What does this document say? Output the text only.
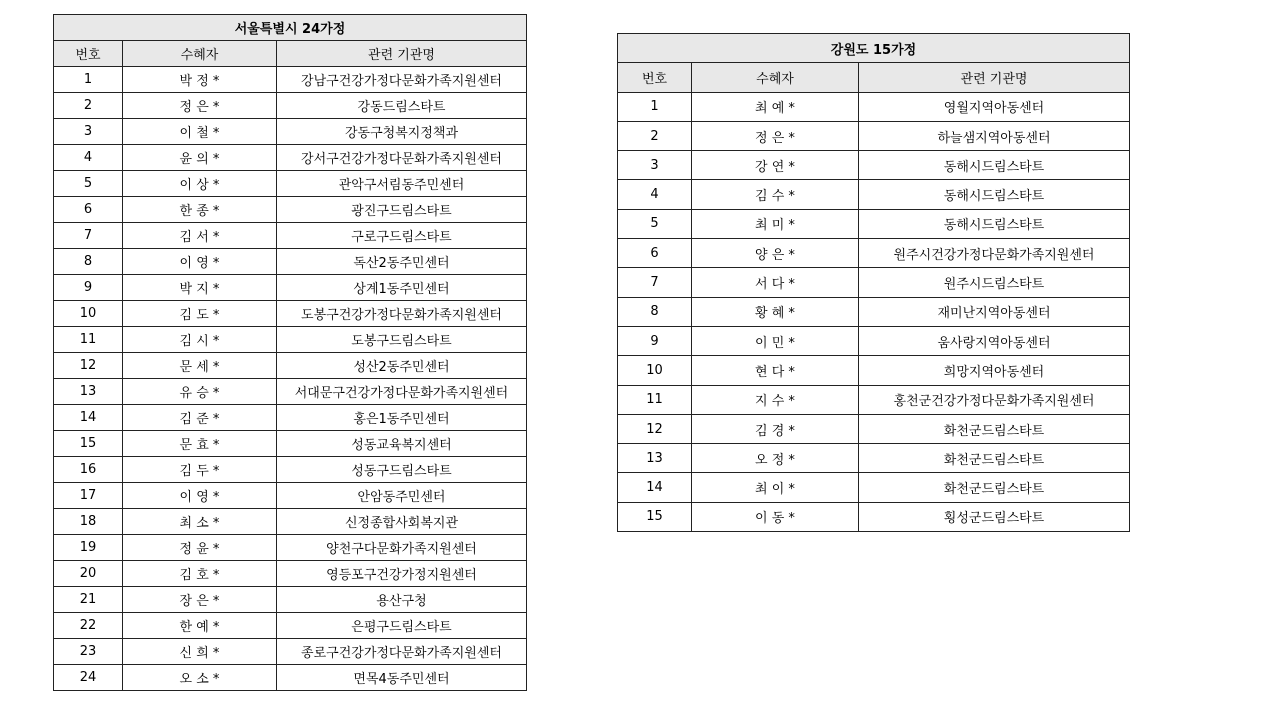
서울특별시 24가정		
번호	수혜자	관련 기관명
1	박 정 *	강남구건강가정다문화가족지원센터
2	정 은 *	강동드림스타트
3	이 철 *	강동구청복지정책과
4	윤 의 *	강서구건강가정다문화가족지원센터
5	이 상 *	관악구서림동주민센터
6	한 종 *	광진구드림스타트
7	김 서 *	구로구드림스타트
8	이 영 *	독산2동주민센터
9	박 지 *	상계1동주민센터
10	김 도 *	도봉구건강가정다문화가족지원센터
11	김 시 *	도봉구드림스타트
12	문 세 *	성산2동주민센터
13	유 승 *	서대문구건강가정다문화가족지원센터
14	김 준 *	홍은1동주민센터
15	문 효 *	성동교육복지센터
16	김 두 *	성동구드림스타트
17	이 영 *	안암동주민센터
18	최 소 *	신정종합사회복지관
19	정 윤 *	양천구다문화가족지원센터
20	김 호 *	영등포구건강가정지원센터
21	장 은 *	용산구청
22	한 예 *	은평구드림스타트
23	신 희 *	종로구건강가정다문화가족지원센터
24	오 소 *	면목4동주민센터
강원도 15가정		
번호	수혜자	관련 기관명
1	최 예 *	영월지역아동센터
2	정 은 *	하늘샘지역아동센터
3	강 연 *	동해시드림스타트
4	김 수 *	동해시드림스타트
5	최 미 *	동해시드림스타트
6	양 은 *	원주시건강가정다문화가족지원센터
7	서 다 *	원주시드림스타트
8	황 혜 *	재미난지역아동센터
9	이 민 *	움사랑지역아동센터
10	현 다 *	희망지역아동센터
11	지 수 *	홍천군건강가정다문화가족지원센터
12	김 경 *	화천군드림스타트
13	오 정 *	화천군드림스타트
14	최 이 *	화천군드림스타트
15	이 동 *	횡성군드림스타트
